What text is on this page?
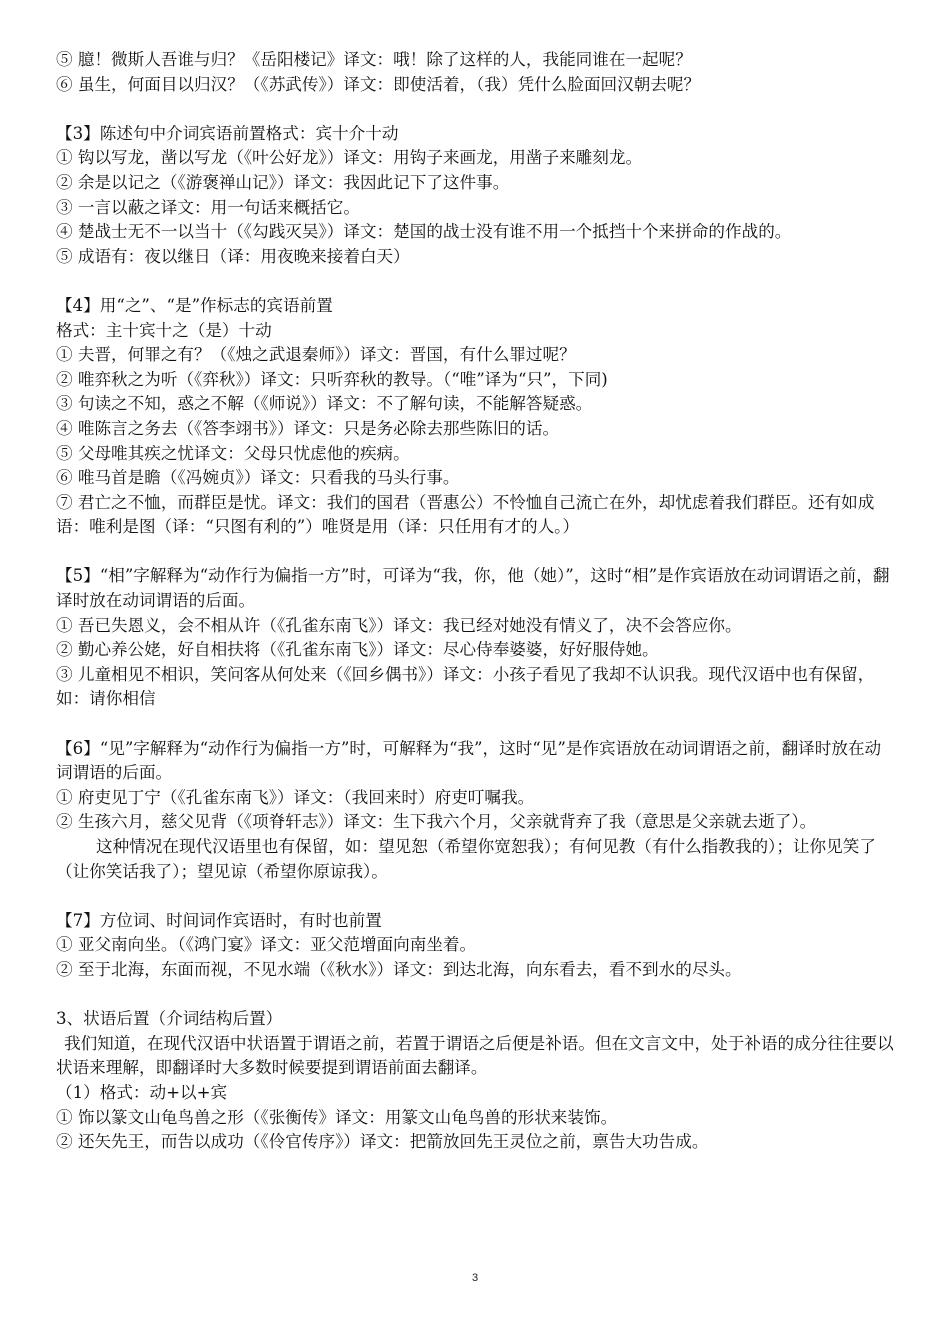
⑤ 臆！微斯人吾谁与归？《岳阳楼记》译文：哦！除了这样的人，我能同谁在一起呢？
⑥ 虽生，何面目以归汉？（《苏武传》）译文：即使活着，（我）凭什么脸面回汉朝去呢？
【3】陈述句中介词宾语前置格式：宾十介十动
① 钩以写龙，凿以写龙（《叶公好龙》）译文：用钩子来画龙，用凿子来雕刻龙。
② 余是以记之（《游褒禅山记》）译文：我因此记下了这件事。
③ 一言以蔽之译文：用一句话来概括它。
④ 楚战士无不一以当十（《勾践灭吴》）译文：楚国的战士没有谁不用一个抵挡十个来拼命的作战的。
⑤ 成语有：夜以继日（译：用夜晚来接着白天）
【4】用“之”、“是”作标志的宾语前置
格式：主十宾十之（是）十动
① 夫晋，何罪之有？（《烛之武退秦师》）译文：晋国，有什么罪过呢？
② 唯弈秋之为听（《弈秋》）译文：只听弈秋的教导。（“唯”译为“只”，下同)
③ 句读之不知，惑之不解（《师说》）译文：不了解句读，不能解答疑惑。
④ 唯陈言之务去（《答李翊书》）译文：只是务必除去那些陈旧的话。
⑤ 父母唯其疾之忧译文：父母只忧虑他的疾病。
⑥ 唯马首是瞻（《冯婉贞》）译文：只看我的马头行事。
⑦ 君亡之不恤，而群臣是忧。译文：我们的国君（晋惠公）不怜恤自己流亡在外，却忧虑着我们群臣。还有如成语：唯利是图（译：“只图有利的”）唯贤是用（译：只任用有才的人。）
【5】“相”字解释为“动作行为偏指一方”时，可译为“我，你，他（她）”，这时“相”是作宾语放在动词谓语之前，翻译时放在动词谓语的后面。
① 吾已失恩义，会不相从许（《孔雀东南飞》）译文：我已经对她没有情义了，决不会答应你。
② 勤心养公姥，好自相扶将（《孔雀东南飞》）译文：尽心侍奉婆婆，好好服侍她。
③ 儿童相见不相识，笑问客从何处来（《回乡偶书》）译文：小孩子看见了我却不认识我。现代汉语中也有保留，如：请你相信
【6】“见”字解释为“动作行为偏指一方”时，可解释为“我”，这时“见”是作宾语放在动词谓语之前，翻译时放在动词谓语的后面。
① 府吏见丁宁（《孔雀东南飞》）译文：（我回来时）府吏叮嘱我。
② 生孩六月，慈父见背（《项脊轩志》）译文：生下我六个月，父亲就背弃了我（意思是父亲就去逝了）。
这种情况在现代汉语里也有保留，如：望见恕（希望你宽恕我）；有何见教（有什么指教我的）；让你见笑了（让你笑话我了）；望见谅（希望你原谅我）。
【7】方位词、时间词作宾语时，有时也前置
① 亚父南向坐。（《鸿门宴》译文：亚父范增面向南坐着。
② 至于北海，东面而视，不见水端（《秋水》）译文：到达北海，向东看去，看不到水的尽头。
3、状语后置（介词结构后置）
我们知道，在现代汉语中状语置于谓语之前，若置于谓语之后便是补语。但在文言文中，处于补语的成分往往要以状语来理解，即翻译时大多数时候要提到谓语前面去翻译。
（1）格式：动+以+宾
① 饰以篆文山龟鸟兽之形（《张衡传》译文：用篆文山龟鸟兽的形状来装饰。
② 还矢先王，而告以成功（《伶官传序》）译文：把箭放回先王灵位之前，禀告大功告成。
3
